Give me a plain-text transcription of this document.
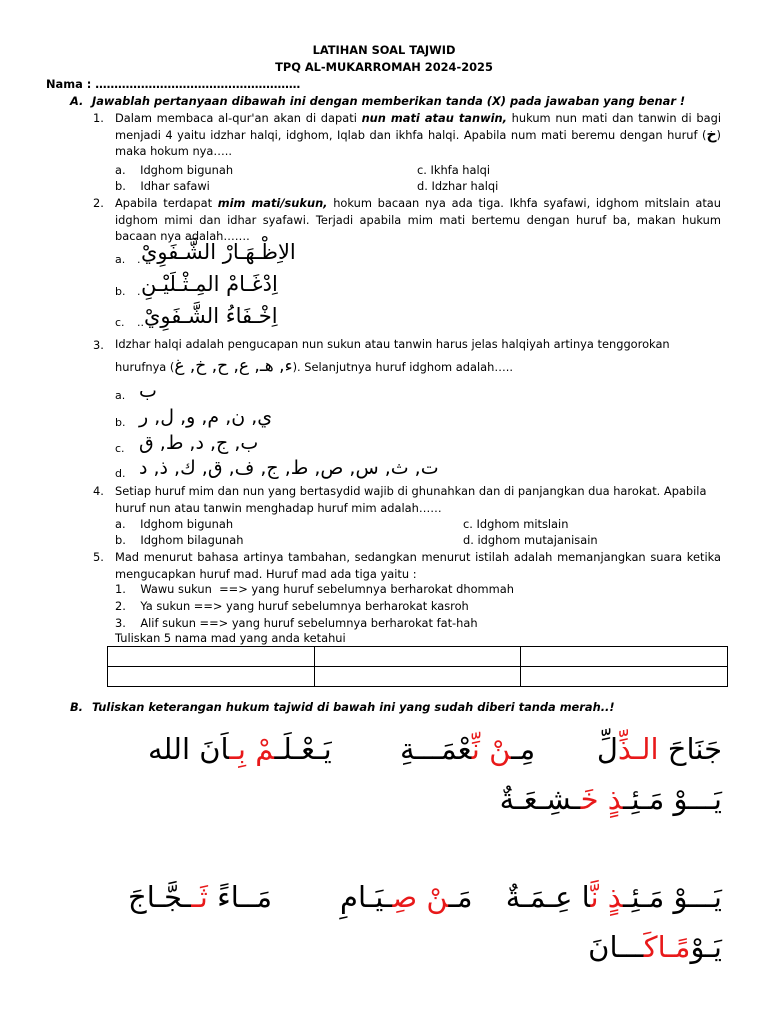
LATIHAN SOAL TAJWID
TPQ AL-MUKARROMAH 2024-2025
Nama : ………………………………………………
A. Jawablah pertanyaan dibawah ini dengan memberikan tanda (X) pada jawaban yang benar !
1. Dalam membaca al-qur'an akan di dapati nun mati atau tanwin, hukum nun mati dan tanwin di bagi menjadi 4 yaitu idzhar halqi, idghom, Iqlab dan ikhfa halqi. Apabila num mati beremu dengan huruf (خ) maka hokum nya…..
a.    Idghom bigunah
b.    Idhar safawi
c. Ikhfa halqi
d. Idzhar halqi
2. Apabila terdapat mim mati/sukun, hokum bacaan nya ada tiga. Ikhfa syafawi, idghom mitslain atau idghom mimi dan idhar syafawi. Terjadi apabila mim mati bertemu dengan huruf ba, makan hukum bacaan nya adalah…….
a. . الاِظْـهَـارْ الشَّـفَوِيْ
b. . اِدْغَـامْ المِـثْـلَيْـنِ
c. .. اِخْـفَاءُ الشَّـفَوِيْ
3. Idzhar halqi adalah pengucapan nun sukun atau tanwin harus jelas halqiyah artinya tenggorokan
hurufnya (ء, هـ, ع, ح, خ, غ). Selanjutnya huruf idghom adalah…..
a. ب
b. ي, ن, م, و, ل, ر
c. ب, ج, د, ط, ق
d. ت, ث, س, ص, ط, ج, ف, ق, ك, ذ, د
4. Setiap huruf mim dan nun yang bertasydid wajib di ghunahkan dan di panjangkan dua harokat. Apabila huruf nun atau tanwin menghadap huruf mim adalah……
a.    Idghom bigunah
b.    Idghom bilagunah
c. Idghom mitslain
d. idghom mutajanisain
5. Mad menurut bahasa artinya tambahan, sedangkan menurut istilah adalah memanjangkan suara ketika mengucapkan huruf mad. Huruf mad ada tiga yaitu :
1.    Wawu sukun  ==> yang huruf sebelumnya berharokat dhommah
2.    Ya sukun ==> yang huruf sebelumnya berharokat kasroh
3.    Alif sukun ==> yang huruf sebelumnya berharokat fat-hah
Tuliskan 5 nama mad yang anda ketahui

B. Tuliskan keterangan hukum tajwid di bawah ini yang sudah diberi tanda merah..!
جَنَاحَ الـذِّلِّ
مِـنْ نِّعْمَـــةِ
يَـعْـلَـمْ بِـاَنَ الله
يَـــوْ مَـئِـذٍ خَـشِـعَـةٌ
يَـــوْ مَـئِـذٍ نَّا عِـمَـةٌ
مَـنْ صِـيَـامِ
مَــاءً ثَــجَّـاجَ
يَـوْمًـاكَـــانَ
